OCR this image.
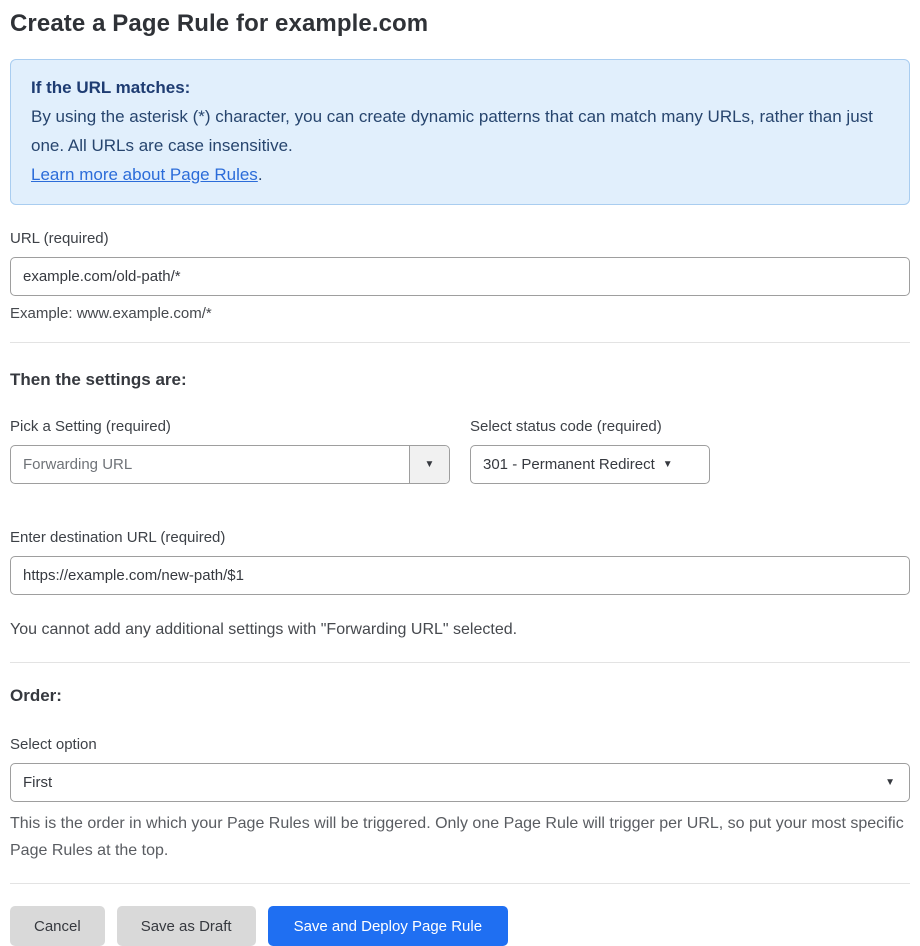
Create a Page Rule for example.com
If the URL matches:
By using the asterisk (*) character, you can create dynamic patterns that can match many URLs, rather than just one. All URLs are case insensitive.
Learn more about Page Rules.
URL (required)
example.com/old-path/*
Example: www.example.com/*
Then the settings are:
Pick a Setting (required)
Forwarding URL	▼
Select status code (required)
301 - Permanent Redirect ▼
Enter destination URL (required)
https://example.com/new-path/$1
You cannot add any additional settings with "Forwarding URL" selected.
Order:
Select option
First	▼
This is the order in which your Page Rules will be triggered. Only one Page Rule will trigger per URL, so put your most specific Page Rules at the top.
Cancel	Save as Draft	Save and Deploy Page Rule
